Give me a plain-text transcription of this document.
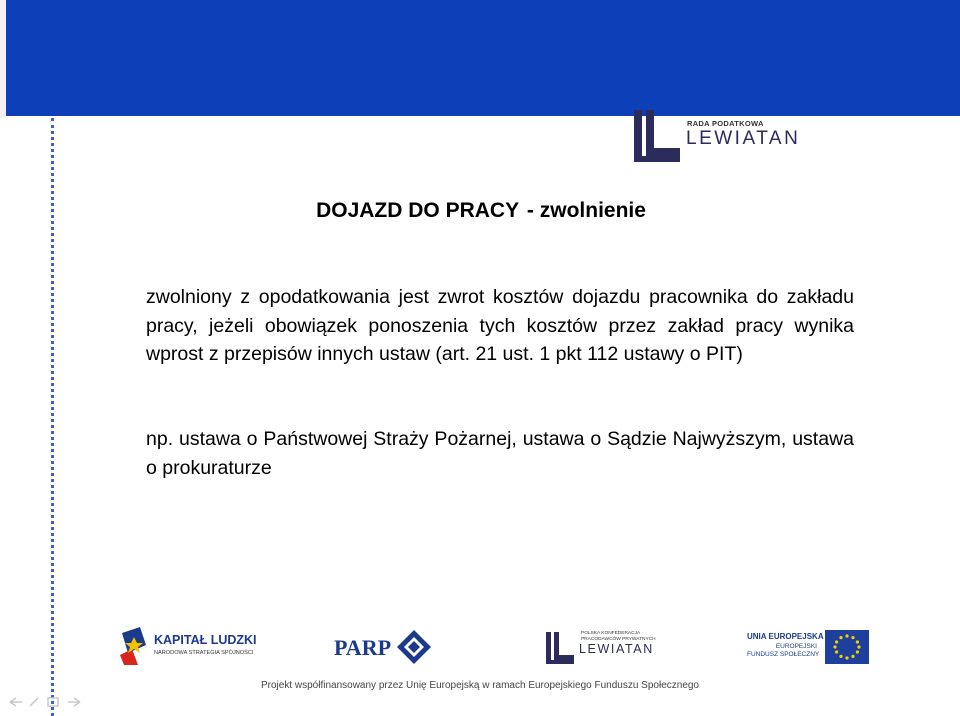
RADA PODATKOWA
LEWIATAN
DOJAZD DO PRACY - zwolnienie
zwolniony z opodatkowania jest zwrot kosztów dojazdu pracownika do zakładu pracy, jeżeli obowiązek ponoszenia tych kosztów przez zakład pracy wynika wprost z przepisów innych ustaw (art. 21 ust. 1 pkt 112 ustawy o PIT)
np. ustawa o Państwowej Straży Pożarnej, ustawa o Sądzie Najwyższym, ustawa o prokuraturze
KAPITAŁ LUDZKI
NARODOWA STRATEGIA SPÓJNOŚCI	PARP
POLSKA KONFEDERACJA
PRACODAWCÓW PRYWATNYCH
LEWIATAN
UNIA EUROPEJSKA
EUROPEJSKI
FUNDUSZ SPOŁECZNY
Projekt współfinansowany przez Unię Europejską w ramach Europejskiego Funduszu Społecznego
